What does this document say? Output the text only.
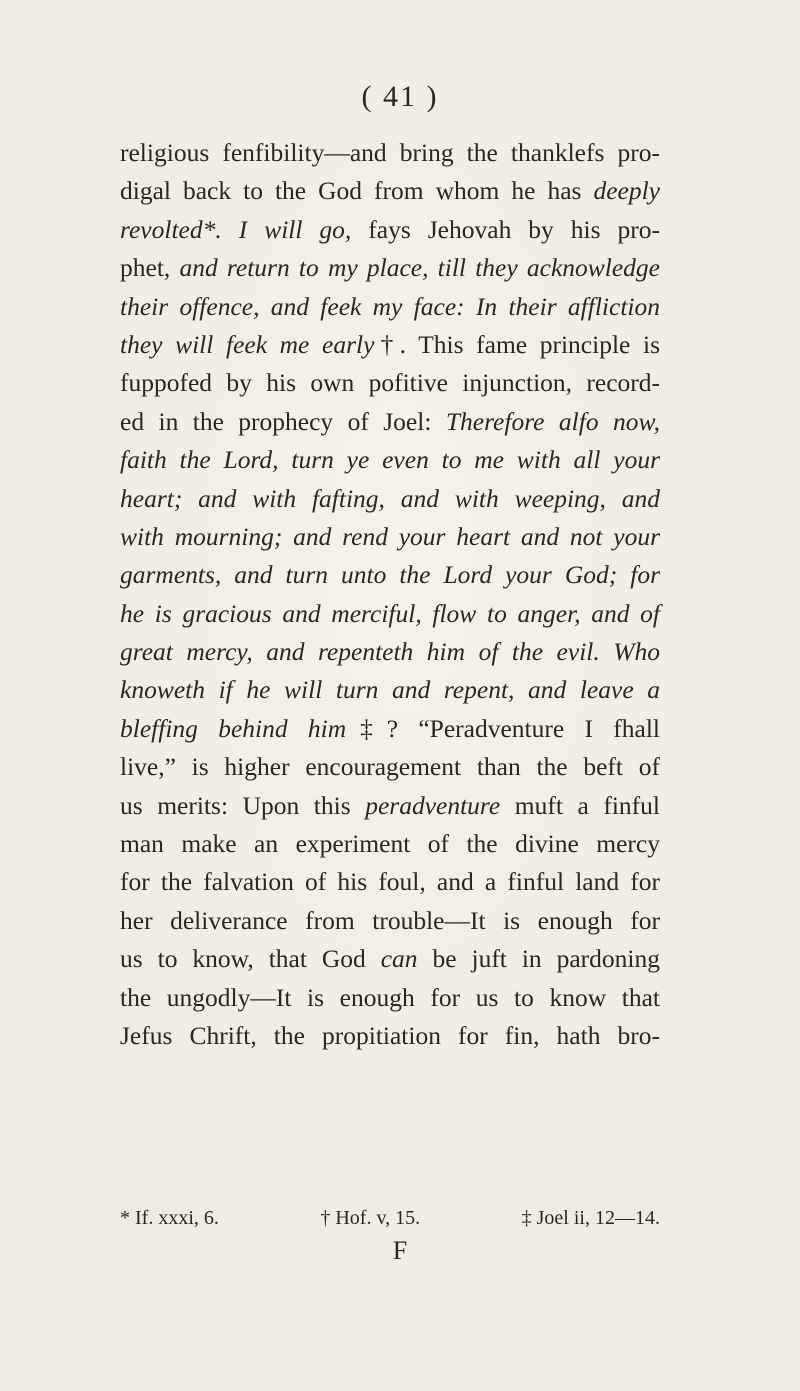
( 41 )
religious fenfibility—and bring the thanklefs pro-
digal back to the God from whom he has deeply
revolted*. I will go, fays Jehovah by his pro-
phet, and return to my place, till they acknowledge
their offence, and feek my face: In their affliction
they will feek me early†. This fame principle is
fuppofed by his own pofitive injunction, record-
ed in the prophecy of Joel: Therefore alfo now,
faith the Lord, turn ye even to me with all your
heart; and with fafting, and with weeping, and
with mourning; and rend your heart and not your
garments, and turn unto the Lord your God; for
he is gracious and merciful, flow to anger, and of
great mercy, and repenteth him of the evil. Who
knoweth if he will turn and repent, and leave a
bleffing behind him‡? “Peradventure I fhall
live,” is higher encouragement than the beft of
us merits: Upon this peradventure muft a finful
man make an experiment of the divine mercy
for the falvation of his foul, and a finful land for
her deliverance from trouble—It is enough for
us to know, that God can be juft in pardoning
the ungodly—It is enough for us to know that
Jefus Chrift, the propitiation for fin, hath bro-
* If. xxxi, 6.	† Hof. v, 15.	‡ Joel ii, 12—14.
F
